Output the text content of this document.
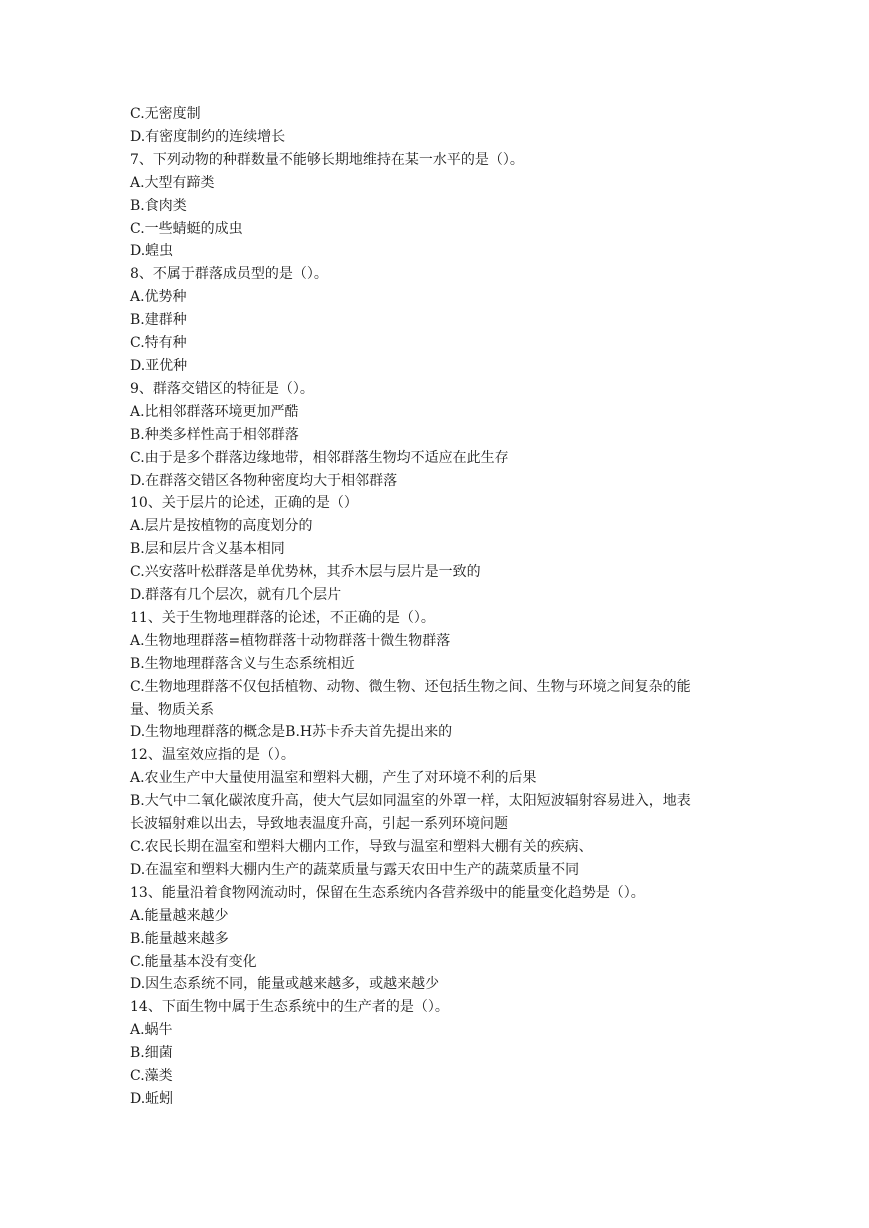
C.无密度制
D.有密度制约的连续增长
7、下列动物的种群数量不能够长期地维持在某一水平的是（）。
A.大型有蹄类
B.食肉类
C.一些蜻蜓的成虫
D.蝗虫
8、不属于群落成员型的是（）。
A.优势种
B.建群种
C.特有种
D.亚优种
9、群落交错区的特征是（）。
A.比相邻群落环境更加严酷
B.种类多样性高于相邻群落
C.由于是多个群落边缘地带，相邻群落生物均不适应在此生存
D.在群落交错区各物种密度均大于相邻群落
10、关于层片的论述，正确的是（）
A.层片是按植物的高度划分的
B.层和层片含义基本相同
C.兴安落叶松群落是单优势林，其乔木层与层片是一致的
D.群落有几个层次，就有几个层片
11、关于生物地理群落的论述，不正确的是（）。
A.生物地理群落=植物群落十动物群落十微生物群落
B.生物地理群落含义与生态系统相近
C.生物地理群落不仅包括植物、动物、微生物、还包括生物之间、生物与环境之间复杂的能
量、物质关系
D.生物地理群落的概念是B.H苏卡乔夫首先提出来的
12、温室效应指的是（）。
A.农业生产中大量使用温室和塑料大棚，产生了对环境不利的后果
B.大气中二氧化碳浓度升高，使大气层如同温室的外罩一样，太阳短波辐射容易进入，地表
长波辐射难以出去，导致地表温度升高，引起一系列环境问题
C.农民长期在温室和塑料大棚内工作，导致与温室和塑料大棚有关的疾病、
D.在温室和塑料大棚内生产的蔬菜质量与露天农田中生产的蔬菜质量不同
13、能量沿着食物网流动时，保留在生态系统内各营养级中的能量变化趋势是（）。
A.能量越来越少
B.能量越来越多
C.能量基本没有变化
D.因生态系统不同，能量或越来越多，或越来越少
14、下面生物中属于生态系统中的生产者的是（）。
A.蜗牛
B.细菌
C.藻类
D.蚯蚓
